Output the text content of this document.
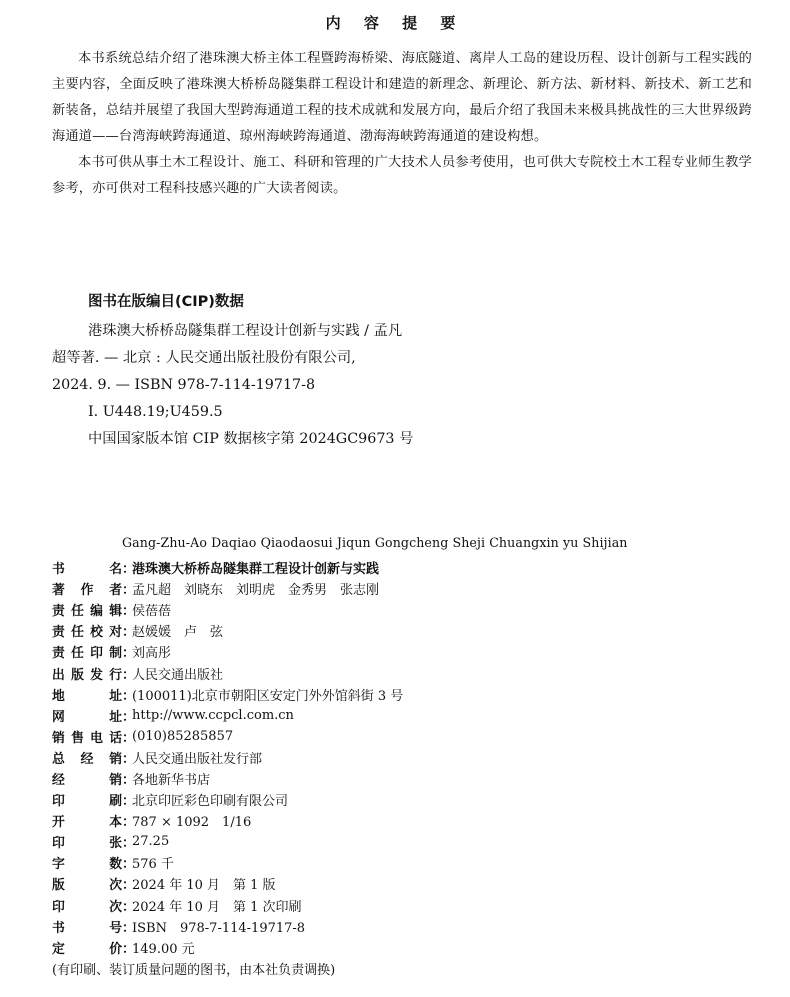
内 容 提 要

本书系统总结介绍了港珠澳大桥主体工程暨跨海桥梁、海底隧道、离岸人工岛的建设历程、设计创新与工程实践的主要内容，全面反映了港珠澳大桥桥岛隧集群工程设计和建造的新理念、新理论、新方法、新材料、新技术、新工艺和新装备，总结并展望了我国大型跨海通道工程的技术成就和发展方向，最后介绍了我国未来极具挑战性的三大世界级跨海通道——台湾海峡跨海通道、琼州海峡跨海通道、渤海海峡跨海通道的建设构想。

本书可供从事土木工程设计、施工、科研和管理的广大技术人员参考使用，也可供大专院校土木工程专业师生教学参考，亦可供对工程科技感兴趣的广大读者阅读。

图书在版编目(CIP)数据
港珠澳大桥桥岛隧集群工程设计创新与实践 / 孟凡
超等著. — 北京 : 人民交通出版社股份有限公司,
2024. 9. — ISBN 978-7-114-19717-8
Ⅰ. U448.19;U459.5
中国国家版本馆 CIP 数据核字第 2024GC9673 号
Gang-Zhu-Ao Daqiao Qiaodaosui Jiqun Gongcheng Sheji Chuangxin yu Shijian
书	名 ：
港珠澳大桥桥岛隧集群工程设计创新与实践
著 作 者 ：
孟凡超　刘晓东　刘明虎　金秀男　张志刚
责 任 编 辑 ：
侯蓓蓓
责 任 校 对 ：
赵媛媛　卢　弦
责 任 印 制 ：
刘高彤
出 版 发 行 ：
人民交通出版社
地	址 ：
(100011)北京市朝阳区安定门外外馆斜街 3 号
网	址 ：
http://www.ccpcl.com.cn
销 售 电 话 ：
(010)85285857
总 经 销 ：
人民交通出版社发行部
经	销 ：
各地新华书店
印	刷 ：
北京印匠彩色印刷有限公司
开	本 ：
787 × 1092　1/16
印	张 ：
27.25
字	数 ：
576 千
版	次 ：
2024 年 10 月　第 1 版
印	次 ：
2024 年 10 月　第 1 次印刷
书	号 ：
ISBN　978-7-114-19717-8
定	价 ：
149.00 元
(有印刷、装订质量问题的图书，由本社负责调换)
